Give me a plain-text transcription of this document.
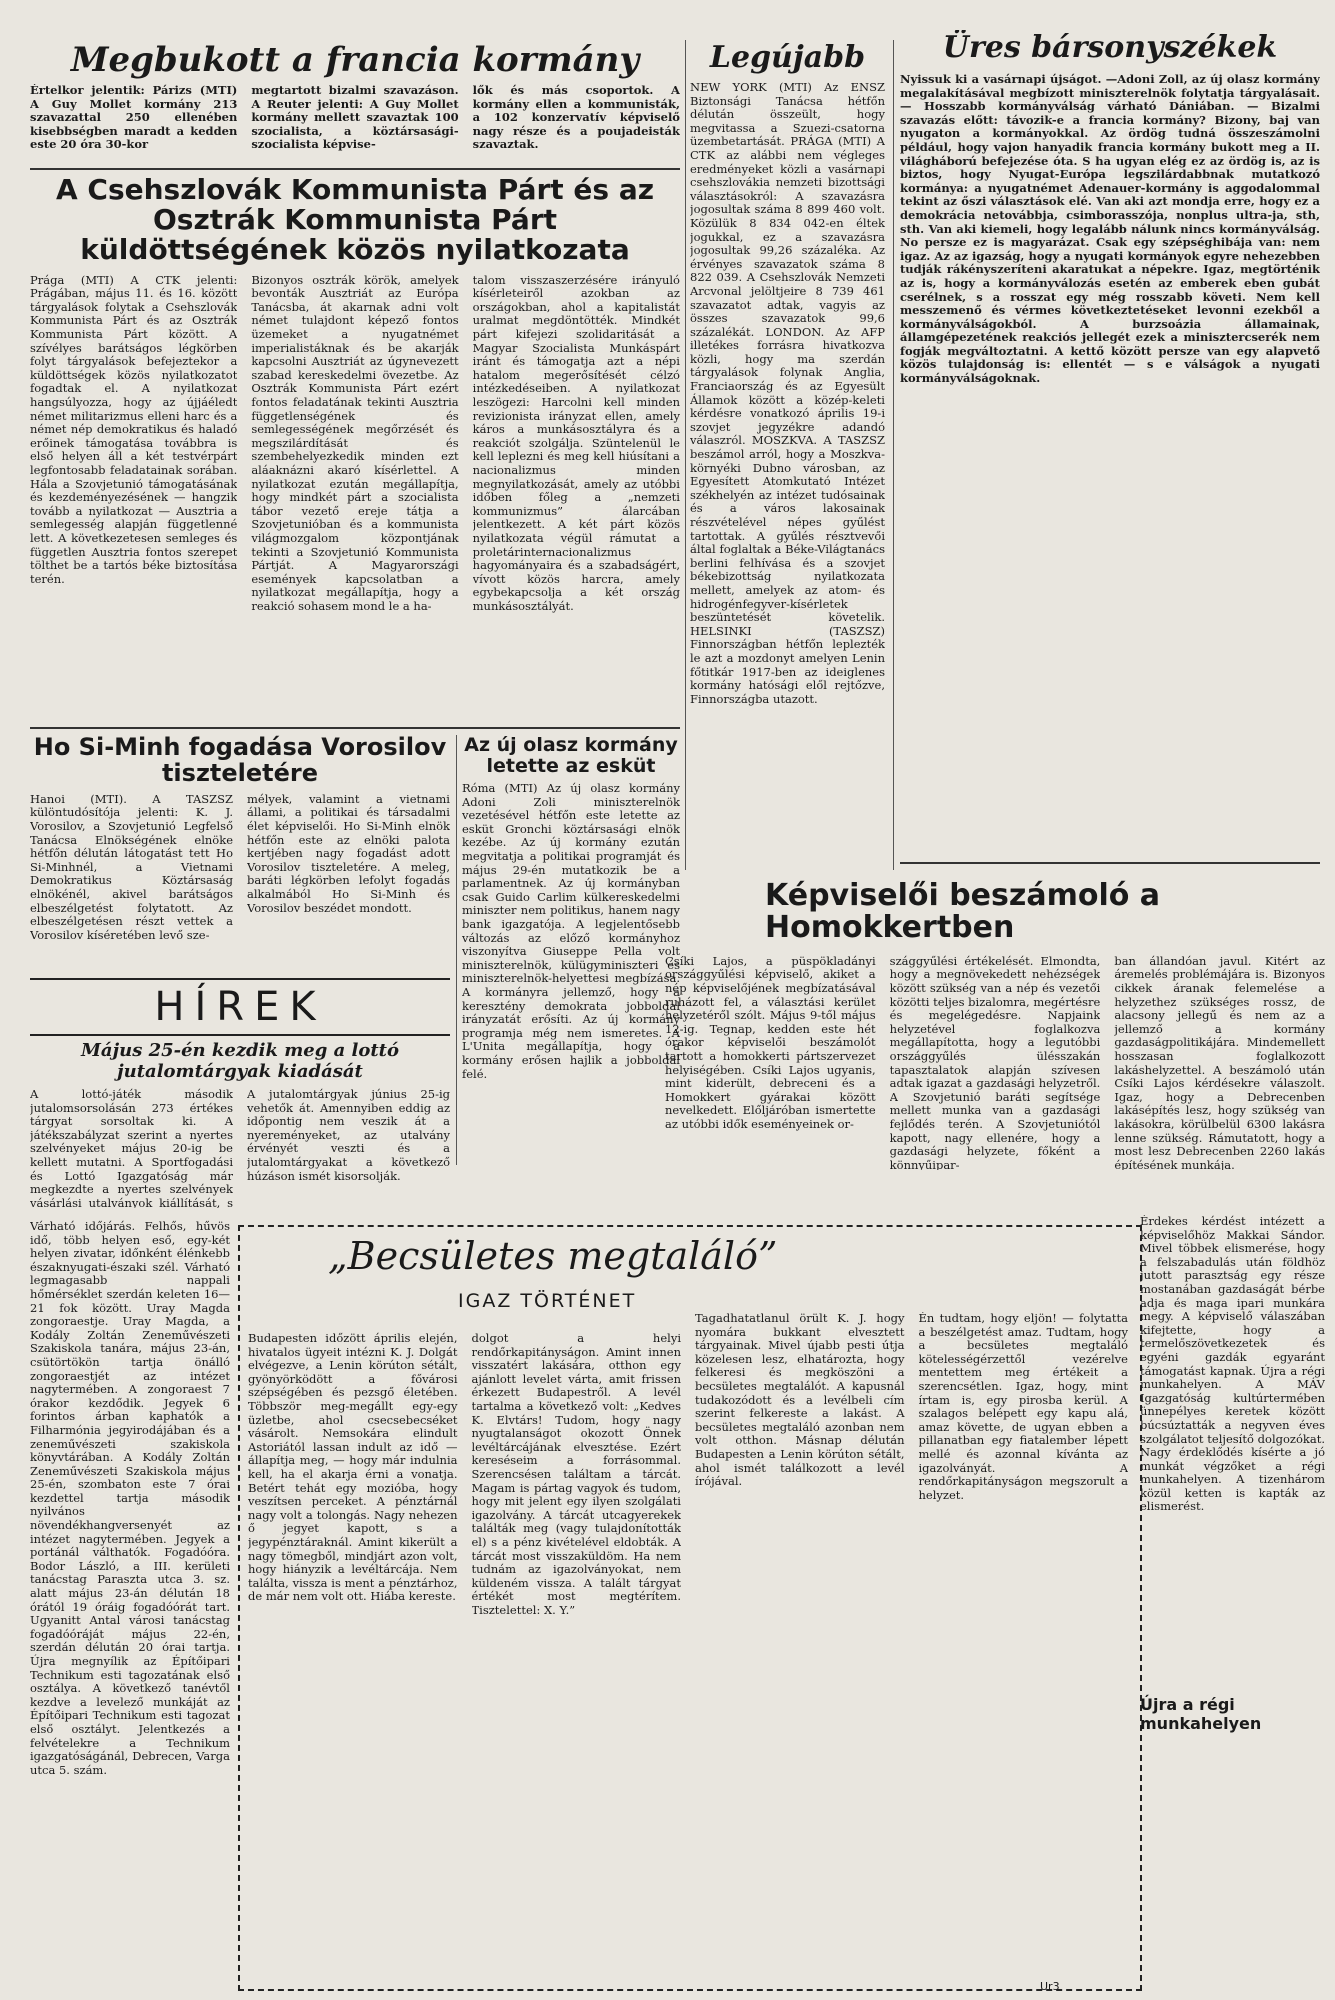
Megbukott a francia kormány
Értelkor jelentik: Párizs (MTI) A Guy Mollet kormány 213 szavazattal 250 ellenében kisebbségben maradt a kedden este 20 óra 30-kor
megtartott bizalmi szavazáson. A Reuter jelenti: A Guy Mollet kormány mellett szavaztak 100 szocialista, a köztársasági-szocialista képvise-
lők és más csoportok. A kormány ellen a kommunisták, a 102 konzervatív képviselő nagy része és a poujadeisták szavaztak.
A Csehszlovák Kommunista Párt és az Osztrák Kommunista Párt küldöttségének közös nyilatkozata
Prága (MTI) A CTK jelenti: Prágában, május 11. és 16. között tárgyalások folytak a Csehszlovák Kommunista Párt és az Osztrák Kommunista Párt között. A szívélyes barátságos légkörben folyt tárgyalások befejeztekor a küldöttségek közös nyilatkozatot fogadtak el. A nyilatkozat hangsúlyozza, hogy az újjáéledt német militarizmus elleni harc és a német nép demokratikus és haladó erőinek támogatása továbbra is első helyen áll a két testvérpárt legfontosabb feladatainak sorában. Hála a Szovjetunió támogatásának és kezdeményezésének — hangzik tovább a nyilatkozat — Ausztria a semlegesség alapján függetlenné lett. A következetesen semleges és független Ausztria fontos szerepet tölthet be a tartós béke biztosítása terén.
Bizonyos osztrák körök, amelyek bevonták Ausztriát az Európa Tanácsba, át akarnak adni volt német tulajdont képező fontos üzemeket a nyugatnémet imperialistáknak és be akarják kapcsolni Ausztriát az úgynevezett szabad kereskedelmi övezetbe. Az Osztrák Kommunista Párt ezért fontos feladatának tekinti Ausztria függetlenségének és semlegességének megőrzését és megszilárdítását és szembehelyezkedik minden ezt aláaknázni akaró kísérlettel. A nyilatkozat ezután megállapítja, hogy mindkét párt a szocialista tábor vezető ereje tátja a Szovjetunióban és a kommunista világmozgalom központjának tekinti a Szovjetunió Kommunista Pártját. A Magyarországi események kapcsolatban a nyilatkozat megállapítja, hogy a reakció sohasem mond le a ha-
talom visszaszerzésére irányuló kísérleteiről azokban az országokban, ahol a kapitalistát uralmat megdöntötték. Mindkét párt kifejezi szolidaritását a Magyar Szocialista Munkáspárt iránt és támogatja azt a népi hatalom megerősítését célzó intézkedéseiben. A nyilatkozat leszögezi: Harcolni kell minden revizionista irányzat ellen, amely káros a munkásosztályra és a reakciót szolgálja. Szüntelenül le kell leplezni és meg kell hiúsítani a nacionalizmus minden megnyilatkozását, amely az utóbbi időben főleg a „nemzeti kommunizmus” álarcában jelentkezett. A két párt közös nyilatkozata végül rámutat a proletárinternacionalizmus hagyományaira és a szabadságért, vívott közös harcra, amely egybekapcsolja a két ország munkásosztályát.
Legújabb
NEW YORK (MTI) Az ENSZ Biztonsági Tanácsa hétfőn délután összeült, hogy megvitassa a Szuezi-csatorna üzembetartását. PRÁGA (MTI) A CTK az alábbi nem végleges eredményeket közli a vasárnapi csehszlovákia nemzeti bizottsági választásokról: A szavazásra jogosultak száma 8 899 460 volt. Közülük 8 834 042-en éltek jogukkal, ez a szavazásra jogosultak 99,26 százaléka. Az érvényes szavazatok száma 8 822 039. A Csehszlovák Nemzeti Arcvonal jelöltjeire 8 739 461 szavazatot adtak, vagyis az összes szavazatok 99,6 százalékát. LONDON. Az AFP illetékes forrásra hivatkozva közli, hogy ma szerdán tárgyalások folynak Anglia, Franciaország és az Egyesült Államok között a közép-keleti kérdésre vonatkozó április 19-i szovjet jegyzékre adandó válaszról. MOSZKVA. A TASZSZ beszámol arról, hogy a Moszkva-környéki Dubno városban, az Egyesített Atomkutató Intézet székhelyén az intézet tudósainak és a város lakosainak részvételével népes gyűlést tartottak. A gyűlés résztvevői által foglaltak a Béke-Világtanács berlini felhívása és a szovjet békebizottság nyilatkozata mellett, amelyek az atom- és hidrogénfegyver-kísérletek beszüntetését követelik. HELSINKI (TASZSZ) Finnországban hétfőn leplezték le azt a mozdonyt amelyen Lenin főtitkár 1917-ben az ideiglenes kormány hatósági elől rejtőzve, Finnországba utazott.
Üres bársonyszékek
Nyissuk ki a vasárnapi újságot. —Adoni Zoll, az új olasz kormány megalakításával megbízott miniszterelnök folytatja tárgyalásait. — Hosszabb kormányválság várható Dániában. — Bizalmi szavazás előtt: távozik-e a francia kormány? Bizony, baj van nyugaton a kormányokkal. Az ördög tudná összeszámolni például, hogy vajon hanyadik francia kormány bukott meg a II. világháború befejezése óta. S ha ugyan elég ez az ördög is, az is biztos, hogy Nyugat-Európa legszilárdabbnak mutatkozó kormánya: a nyugatnémet Adenauer-kormány is aggodalommal tekint az őszi választások elé. Van aki azt mondja erre, hogy ez a demokrácia netovábbja, csimborasszója, nonplus ultra-ja, sth, sth. Van aki kiemeli, hogy legalább nálunk nincs kormányválság. No persze ez is magyarázat. Csak egy szépséghibája van: nem igaz. Az az igazság, hogy a nyugati kormányok egyre nehezebben tudják rákényszeríteni akaratukat a népekre. Igaz, megtörténik az is, hogy a kormányválozás esetén az emberek eben gubát cserélnek, s a rosszat egy még rosszabb követi. Nem kell messzemenő és vérmes következtetéseket levonni ezekből a kormányválságokból. A burzsoázia államainak, államgépezetének reakciós jellegét ezek a minisztercserék nem fogják megváltoztatni. A kettő között persze van egy alapvető közös tulajdonság is: ellentét — s e válságok a nyugati kormányválságoknak.
Ho Si-Minh fogadása Vorosilov tiszteletére
Hanoi (MTI). A TASZSZ különtudósítója jelenti: K. J. Vorosilov, a Szovjetunió Legfelső Tanácsa Elnökségének elnöke hétfőn délután látogatást tett Ho Si-Minhnél, a Vietnami Demokratikus Köztársaság elnökénél, akivel barátságos elbeszélgetést folytatott. Az elbeszélgetésen részt vettek a Vorosilov kíséretében levő sze-
mélyek, valamint a vietnami állami, a politikai és társadalmi élet képviselői. Ho Si-Minh elnök hétfőn este az elnöki palota kertjében nagy fogadást adott Vorosilov tiszteletére. A meleg, baráti légkörben lefolyt fogadás alkalmából Ho Si-Minh és Vorosilov beszédet mondott.
Az új olasz kormány letette az esküt
Róma (MTI) Az új olasz kormány Adoni Zoli miniszterelnök vezetésével hétfőn este letette az esküt Gronchi köztársasági elnök kezébe. Az új kormány ezután megvitatja a politikai programját és május 29-én mutatkozik be a parlamentnek. Az új kormányban csak Guido Carlim külkereskedelmi miniszter nem politikus, hanem nagy bank igazgatója. A legjelentősebb változás az előző kormányhoz viszonyítva Giuseppe Pella volt miniszterelnök, külügyminiszteri és miniszterelnök-helyettesi megbízása. A kormányra jellemző, hogy a keresztény demokrata jobboldal irányzatát erősíti. Az új kormány programja még nem ismeretes. A L'Unita megállapítja, hogy a kormány erősen hajlik a jobboldal felé.
Képviselői beszámoló a Homokkertben
Csíki Lajos, a püspökladányi országgyűlési képviselő, akiket a nép képviselőjének megbízatásával ruházott fel, a választási kerület helyzetéről szólt. Május 9-től május 12-ig. Tegnap, kedden este hét órakor képviselői beszámolót tartott a homokkerti pártszervezet helyiségében. Csíki Lajos ugyanis, mint kiderült, debreceni és a Homokkert gyárakai között nevelkedett. Előljáróban ismertette az utóbbi idők eseményeinek or-
szággyűlési értékelését. Elmondta, hogy a megnövekedett nehézségek között szükség van a nép és vezetői közötti teljes bizalomra, megértésre és megelégedésre. Napjaink helyzetével foglalkozva megállapította, hogy a legutóbbi országgyűlés ülésszakán tapasztalatok alapján szívesen adtak igazat a gazdasági helyzetről. A Szovjetunió baráti segítsége mellett munka van a gazdasági fejlődés terén. A Szovjetuniótól kapott, nagy ellenére, hogy a gazdasági helyzete, főként a könnyűipar-
ban állandóan javul. Kitért az áremelés problémájára is. Bizonyos cikkek áranak felemelése a helyzethez szükséges rossz, de alacsony jellegű és nem az a jellemző a kormány gazdaságpolitikájára. Mindemellett hosszasan foglalkozott lakáshelyzettel. A beszámoló után Csíki Lajos kérdésekre válaszolt. Igaz, hogy a Debrecenben lakásépítés lesz, hogy szükség van lakásokra, körülbelül 6300 lakásra lenne szükség. Rámutatott, hogy a most lesz Debrecenben 2260 lakás építésének munkája.
HÍREK
Május 25-én kezdik meg a lottó jutalomtárgyak kiadását
A lottó-játék második jutalomsorsolásán 273 értékes tárgyat sorsoltak ki. A játékszabályzat szerint a nyertes szelvényeket május 20-ig be kellett mutatni. A Sportfogadási és Lottó Igazgatóság már megkezdte a nyertes szelvények vásárlási utalványok kiállítását, s
A jutalomtárgyak június 25-ig vehetők át. Amennyiben eddig az időpontig nem veszik át a nyereményeket, az utalvány érvényét veszti és a jutalomtárgyakat a következő húzáson ismét kisorsolják.
Várható időjárás. Felhős, hűvös idő, több helyen eső, egy-két helyen zivatar, időnként élénkebb északnyugati-északi szél. Várható legmagasabb nappali hőmérséklet szerdán keleten 16—21 fok között. Uray Magda zongoraestje. Uray Magda, a Kodály Zoltán Zeneművészeti Szakiskola tanára, május 23-án, csütörtökön tartja önálló zongoraestjét az intézet nagytermében. A zongoraest 7 órakor kezdődik. Jegyek 6 forintos árban kaphatók a Filharmónia jegyirodájában és a zeneművészeti szakiskola könyvtárában. A Kodály Zoltán Zeneművészeti Szakiskola május 25-én, szombaton este 7 órai kezdettel tartja második nyilvános növendékhangversenyét az intézet nagytermében. Jegyek a portánál válthatók. Fogadóóra. Bodor László, a III. kerületi tanácstag Paraszta utca 3. sz. alatt május 23-án délután 18 órától 19 óráig fogadóórát tart. Ugyanitt Antal városi tanácstag fogadóóráját május 22-én, szerdán délután 20 órai tartja. Újra megnyílik az Építőipari Technikum esti tagozatának első osztálya. A következő tanévtől kezdve a levelező munkáját az Építőipari Technikum esti tagozat első osztályt. Jelentkezés a felvételekre a Technikum igazgatóságánál, Debrecen, Varga utca 5. szám.
„Becsületes megtaláló”
IGAZ TÖRTÉNET
Budapesten időzött április elején, hivatalos ügyeit intézni K. J. Dolgát elvégezve, a Lenin körúton sétált, gyönyörködött a fővárosi szépségében és pezsgő életében. Többször meg-megállt egy-egy üzletbe, ahol csecsebecséket vásárolt. Nemsokára elindult Astoriától lassan indult az idő — állapítja meg, — hogy már indulnia kell, ha el akarja érni a vonatja. Betért tehát egy mozióba, hogy veszítsen perceket. A pénztárnál nagy volt a tolongás. Nagy nehezen ő jegyet kapott, s a jegypénztáraknál. Amint kikerült a nagy tömegből, mindjárt azon volt, hogy hiányzik a levéltárcája. Nem találta, vissza is ment a pénztárhoz, de már nem volt ott. Hiába kereste.
dolgot a helyi rendőrkapitányságon. Amint innen visszatért lakására, otthon egy ajánlott levelet várta, amit frissen érkezett Budapestről. A levél tartalma a következő volt: „Kedves K. Elvtárs! Tudom, hogy nagy nyugtalanságot okozott Önnek levéltárcájának elvesztése. Ezért kereséseim a forrásommal. Szerencsésen találtam a tárcát. Magam is pártag vagyok és tudom, hogy mit jelent egy ilyen szolgálati igazolvány. A tárcát utcagyerekek találták meg (vagy tulajdonították el) s a pénz kivételével eldobták. A tárcát most visszaküldöm. Ha nem tudnám az igazolványokat, nem küldeném vissza. A talált tárgyat értékét most megtérítem. Tisztelettel: X. Y.”
Tagadhatatlanul örült K. J. hogy nyomára bukkant elvesztett tárgyainak. Mivel újabb pesti útja közelesen lesz, elhatározta, hogy felkeresi és megköszöni a becsületes megtalálót. A kapusnál tudakozódott és a levélbeli cím szerint felkereste a lakást. A becsületes megtaláló azonban nem volt otthon. Másnap délután Budapesten a Lenin körúton sétált, ahol ismét találkozott a levél írójával.
Én tudtam, hogy eljön! — folytatta a beszélgetést amaz. Tudtam, hogy a becsületes megtaláló kötelességérzettől vezérelve mentettem meg értékeit a szerencsétlen. Igaz, hogy, mint írtam is, egy pirosba kerül. A szalagos belépett egy kapu alá, amaz követte, de ugyan ebben a pillanatban egy fiatalember lépett mellé és azonnal kívánta az igazolványát. A rendőrkapitányságon megszorult a helyzet.
Érdekes kérdést intézett a képviselőhöz Makkai Sándor. Mivel többek elismerése, hogy a felszabadulás után földhöz jutott parasztság egy része mostanában gazdaságát bérbe adja és maga ipari munkára megy. A képviselő válaszában kifejtette, hogy a termelőszövetkezetek és egyéni gazdák egyaránt támogatást kapnak. Újra a régi munkahelyen. A MÁV Igazgatóság kultúrtermében ünnepélyes keretek között búcsúztatták a negyven éves szolgálatot teljesítő dolgozókat. Nagy érdeklődés kísérte a jó munkát végzőket a régi munkahelyen. A tizenhárom közül ketten is kapták az elismerést.
Újra a régi munkahelyen
Ur3
